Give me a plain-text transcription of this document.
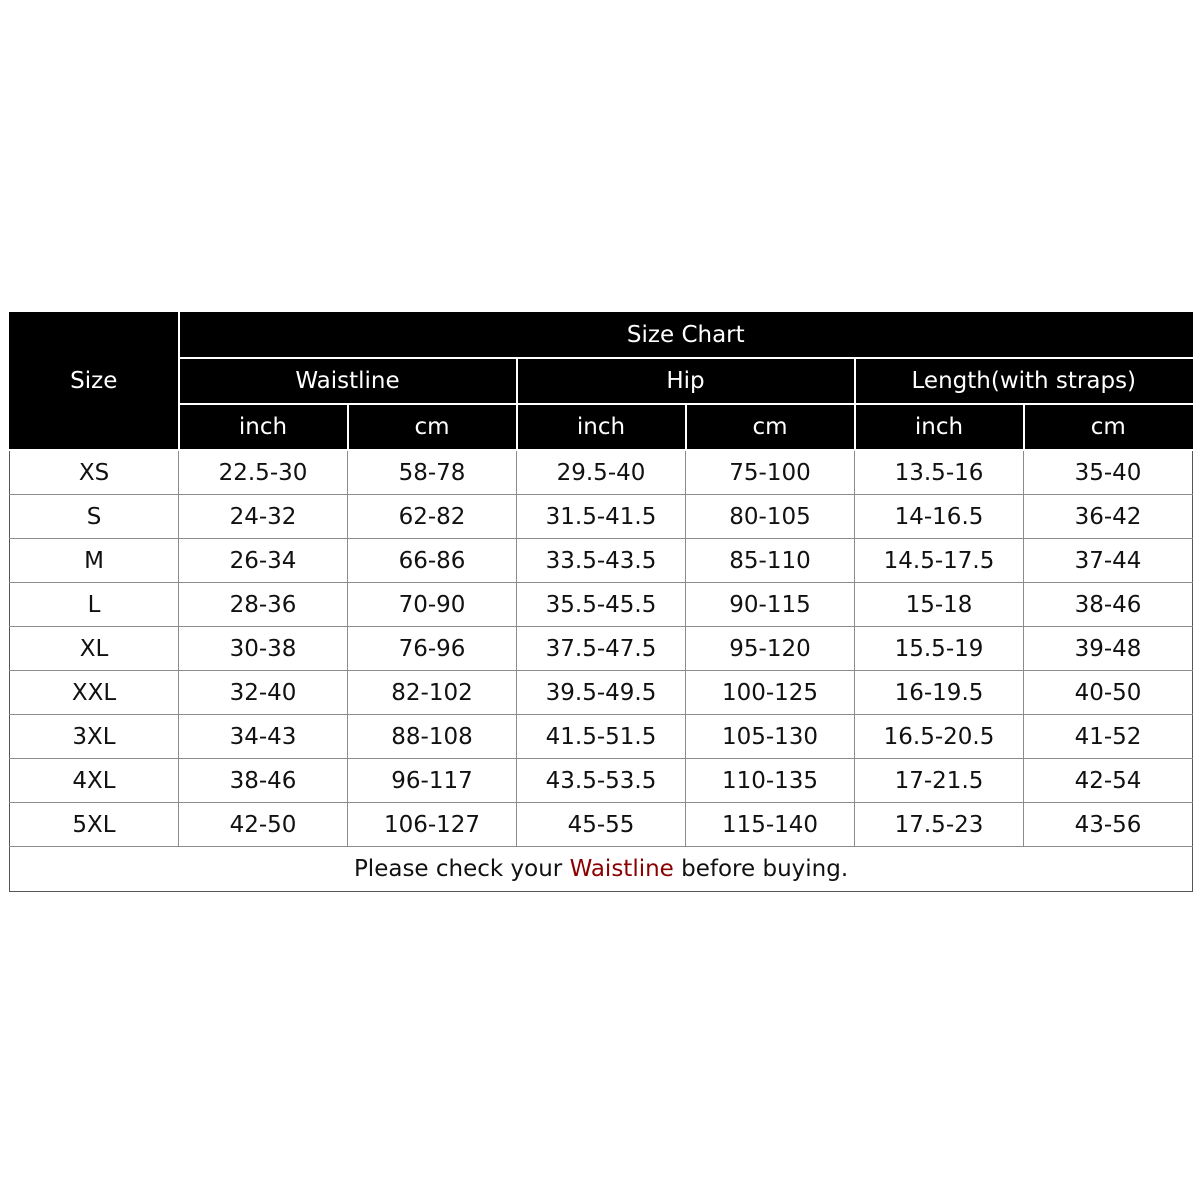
Size	Size Chart					
	Waistline		Hip		Length(with straps)	
	inch	cm	inch	cm	inch	cm
XS	22.5-30	58-78	29.5-40	75-100	13.5-16	35-40
S	24-32	62-82	31.5-41.5	80-105	14-16.5	36-42
M	26-34	66-86	33.5-43.5	85-110	14.5-17.5	37-44
L	28-36	70-90	35.5-45.5	90-115	15-18	38-46
XL	30-38	76-96	37.5-47.5	95-120	15.5-19	39-48
XXL	32-40	82-102	39.5-49.5	100-125	16-19.5	40-50
3XL	34-43	88-108	41.5-51.5	105-130	16.5-20.5	41-52
4XL	38-46	96-117	43.5-53.5	110-135	17-21.5	42-54
5XL	42-50	106-127	45-55	115-140	17.5-23	43-56
Please check your Waistline before buying.						
